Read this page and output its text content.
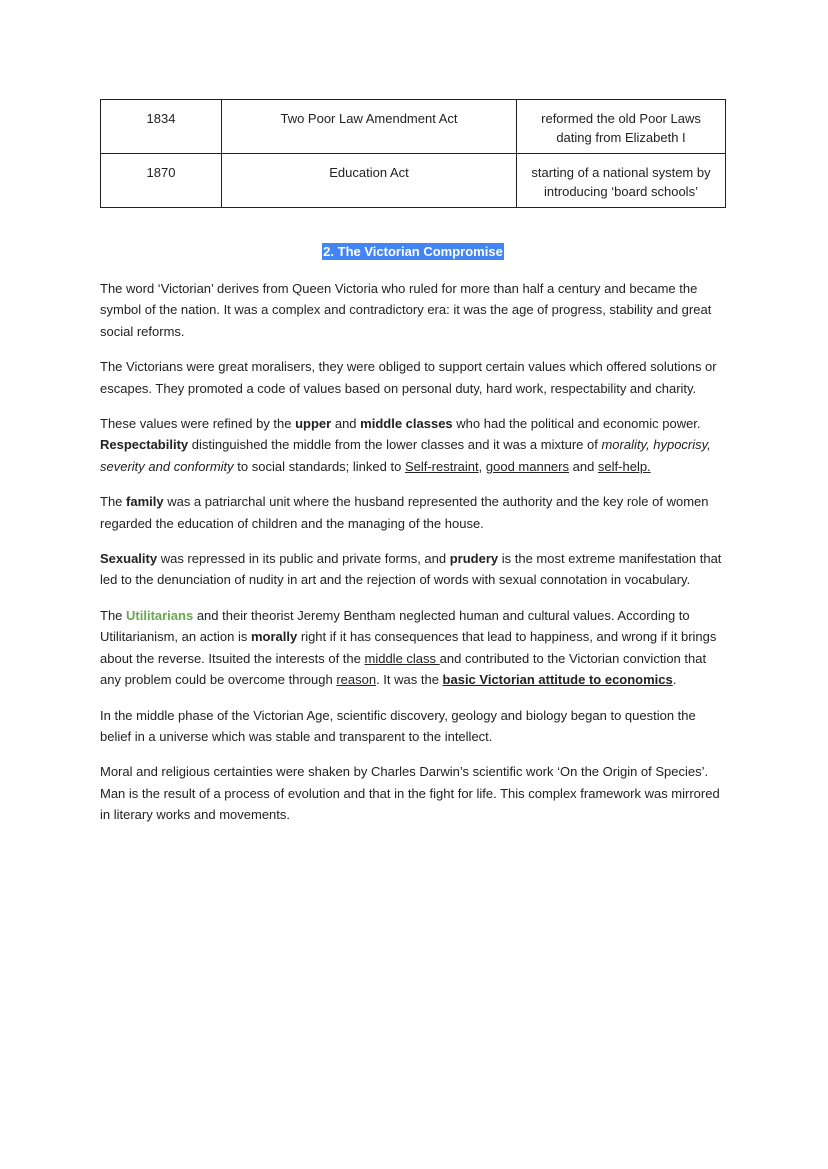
1834	Two Poor Law Amendment Act	reformed the old Poor Laws dating from Elizabeth I
1870	Education Act	starting of a national system by introducing ‘board schools’
2. The Victorian Compromise

The word ‘Victorian’ derives from Queen Victoria who ruled for more than half a century and became the symbol of the nation. It was a complex and contradictory era: it was the age of progress, stability and great social reforms.

The Victorians were great moralisers, they were obliged to support certain values which offered solutions or escapes. They promoted a code of values based on personal duty, hard work, respectability and charity.

These values were refined by the upper and middle classes who had the political and economic power. Respectability distinguished the middle from the lower classes and it was a mixture of morality, hypocrisy, severity and conformity to social standards; linked to Self-restraint, good manners and self-help.

The family was a patriarchal unit where the husband represented the authority and the key role of women regarded the education of children and the managing of the house.

Sexuality was repressed in its public and private forms, and prudery is the most extreme manifestation that led to the denunciation of nudity in art and the rejection of words with sexual connotation in vocabulary.

The Utilitarians and their theorist Jeremy Bentham neglected human and cultural values. According to Utilitarianism, an action is morally right if it has consequences that lead to happiness, and wrong if it brings about the reverse. Itsuited the interests of the middle class and contributed to the Victorian conviction that any problem could be overcome through reason. It was the basic Victorian attitude to economics.

In the middle phase of the Victorian Age, scientific discovery, geology and biology began to question the belief in a universe which was stable and transparent to the intellect.

Moral and religious certainties were shaken by Charles Darwin’s scientific work ‘On the Origin of Species’. Man is the result of a process of evolution and that in the fight for life. This complex framework was mirrored in literary works and movements.
